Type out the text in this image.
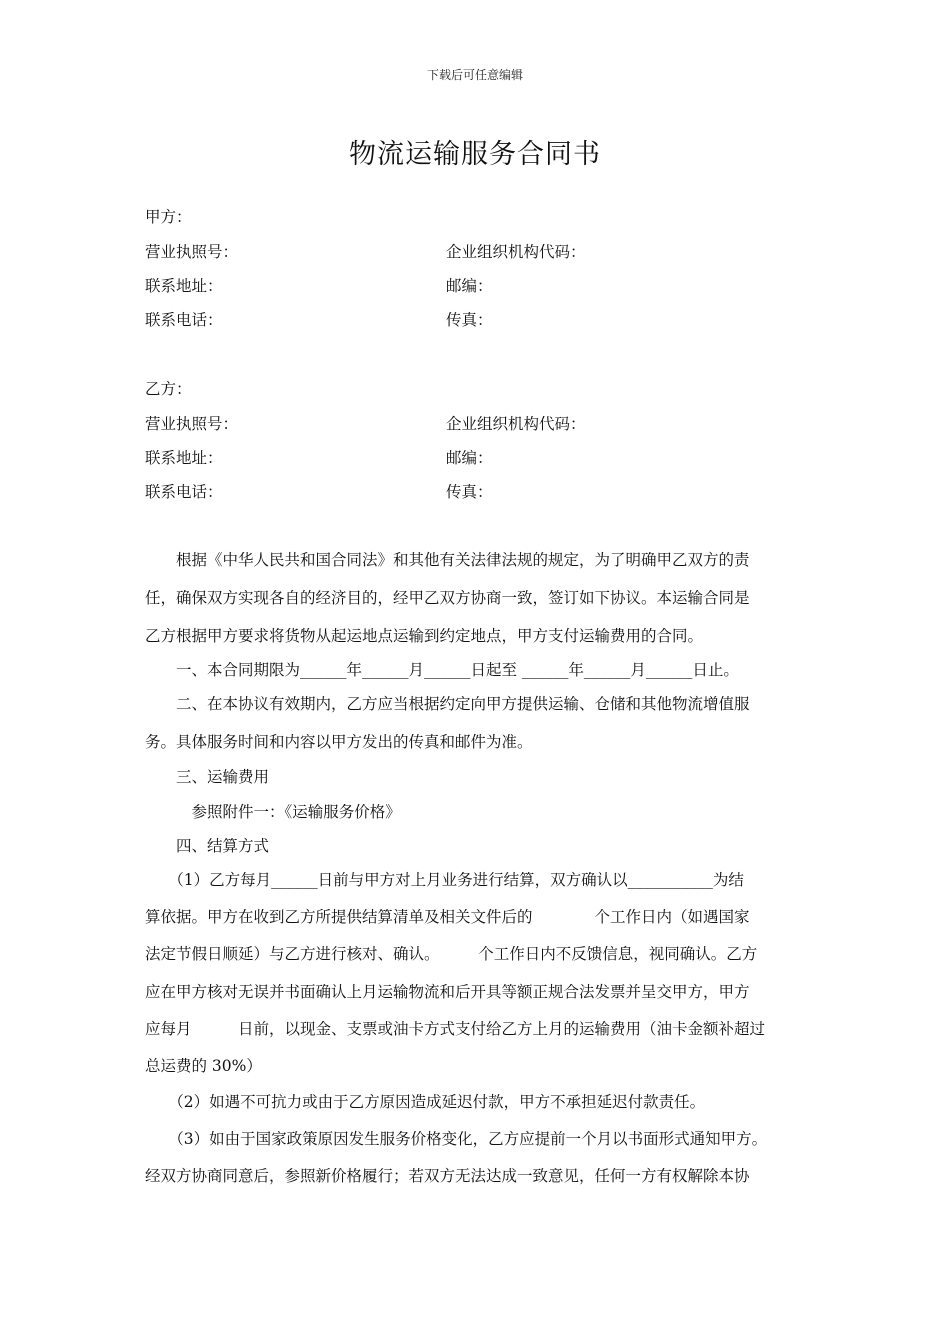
下载后可任意编辑
物流运输服务合同书
甲方：
营业执照号：	企业组织机构代码：
联系地址：	邮编：
联系电话：	传真：
乙方：
营业执照号：	企业组织机构代码：
联系地址：	邮编：
联系电话：	传真：
　　根据《中华人民共和国合同法》和其他有关法律法规的规定，为了明确甲乙双方的责
任，确保双方实现各自的经济目的，经甲乙双方协商一致，签订如下协议。本运输合同是
乙方根据甲方要求将货物从起运地点运输到约定地点，甲方支付运输费用的合同。
　　一、本合同期限为______年______月______日起至 ______年______月______日止。
　　二、在本协议有效期内，乙方应当根据约定向甲方提供运输、仓储和其他物流增值服
务。具体服务时间和内容以甲方发出的传真和邮件为准。
　　三、运输费用
　　　参照附件一：《运输服务价格》
　　四、结算方式
　　（1）乙方每月______日前与甲方对上月业务进行结算，双方确认以___________为结
算依据。甲方在收到乙方所提供结算清单及相关文件后的　　　　个工作日内（如遇国家
法定节假日顺延）与乙方进行核对、确认。　　　个工作日内不反馈信息，视同确认。乙方
应在甲方核对无误并书面确认上月运输物流和后开具等额正规合法发票并呈交甲方，甲方
应每月　　　日前，以现金、支票或油卡方式支付给乙方上月的运输费用（油卡金额补超过
总运费的 30%）
　　（2）如遇不可抗力或由于乙方原因造成延迟付款，甲方不承担延迟付款责任。
　　（3）如由于国家政策原因发生服务价格变化，乙方应提前一个月以书面形式通知甲方。
经双方协商同意后，参照新价格履行；若双方无法达成一致意见，任何一方有权解除本协
